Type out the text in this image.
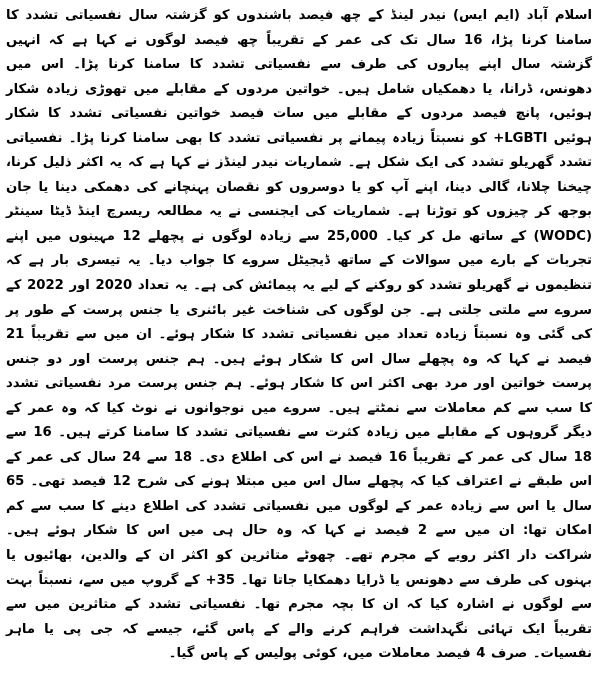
اسلام آباد (ایم ایس) نیدر لینڈ کے چھ فیصد باشندوں کو گزشتہ سال نفسیاتی تشدد کا سامنا کرنا پڑا، 16 سال تک کی عمر کے تقریباً چھ فیصد لوگوں نے کہا ہے کہ انہیں گزشتہ سال اپنے پیاروں کی طرف سے نفسیاتی تشدد کا سامنا کرنا پڑا۔ اس میں دھونس، ڈرانا، یا دھمکیاں شامل ہیں۔ خواتین مردوں کے مقابلے میں تھوڑی زیادہ شکار ہوئیں، پانچ فیصد مردوں کے مقابلے میں سات فیصد خواتین نفسیاتی تشدد کا شکار ہوئیں LGBTI+ کو نسبتاً زیادہ پیمانے پر نفسیاتی تشدد کا بھی سامنا کرنا پڑا۔ نفسیاتی تشدد گھریلو تشدد کی ایک شکل ہے۔ شماریات نیدر لینڈز نے کہا ہے کہ یہ اکثر ذلیل کرنا، چیخنا چلانا، گالی دینا، اپنے آپ کو یا دوسروں کو نقصان پہنچانے کی دھمکی دینا یا جان بوجھ کر چیزوں کو توڑنا ہے۔ شماریات کی ایجنسی نے یہ مطالعہ ریسرچ اینڈ ڈیٹا سینٹر (WODC) کے ساتھ مل کر کیا۔ 25,000 سے زیادہ لوگوں نے پچھلے 12 مہینوں میں اپنے تجربات کے بارے میں سوالات کے ساتھ ڈیجیٹل سروے کا جواب دیا۔ یہ تیسری بار ہے کہ تنظیموں نے گھریلو تشدد کو روکنے کے لیے یہ پیمائش کی ہے۔ یہ تعداد 2020 اور 2022 کے سروے سے ملتی جلتی ہے۔ جن لوگوں کی شناخت غیر بائنری یا جنس پرست کے طور پر کی گئی وہ نسبتاً زیادہ تعداد میں نفسیاتی تشدد کا شکار ہوئے۔ ان میں سے تقریباً 21 فیصد نے کہا کہ وہ پچھلے سال اس کا شکار ہوئے ہیں۔ ہم جنس پرست اور دو جنس پرست خواتین اور مرد بھی اکثر اس کا شکار ہوئے۔ ہم جنس پرست مرد نفسیاتی تشدد کا سب سے کم معاملات سے نمٹتے ہیں۔ سروے میں نوجوانوں نے نوٹ کیا کہ وہ عمر کے دیگر گروہوں کے مقابلے میں زیادہ کثرت سے نفسیاتی تشدد کا سامنا کرتے ہیں۔ 16 سے 18 سال کی عمر کے تقریباً 16 فیصد نے اس کی اطلاع دی۔ 18 سے 24 سال کی عمر کے اس طبقے نے اعتراف کیا کہ پچھلے سال اس میں مبتلا ہونے کی شرح 12 فیصد تھی۔ 65 سال یا اس سے زیادہ عمر کے لوگوں میں نفسیاتی تشدد کی اطلاع دینے کا سب سے کم امکان تھا: ان میں سے 2 فیصد نے کہا کہ وہ حال ہی میں اس کا شکار ہوئے ہیں۔ شراکت دار اکثر رویے کے مجرم تھے۔ چھوٹے متاثرین کو اکثر ان کے والدین، بھائیوں یا بہنوں کی طرف سے دھونس یا ڈرایا دھمکایا جاتا تھا۔ 35+ کے گروپ میں سے، نسبتاً بہت سے لوگوں نے اشارہ کیا کہ ان کا بچہ مجرم تھا۔ نفسیاتی تشدد کے متاثرین میں سے تقریباً ایک تہائی نگہداشت فراہم کرنے والے کے پاس گئے، جیسے کہ جی پی یا ماہر نفسیات۔ صرف 4 فیصد معاملات میں، کوئی پولیس کے پاس گیا۔
